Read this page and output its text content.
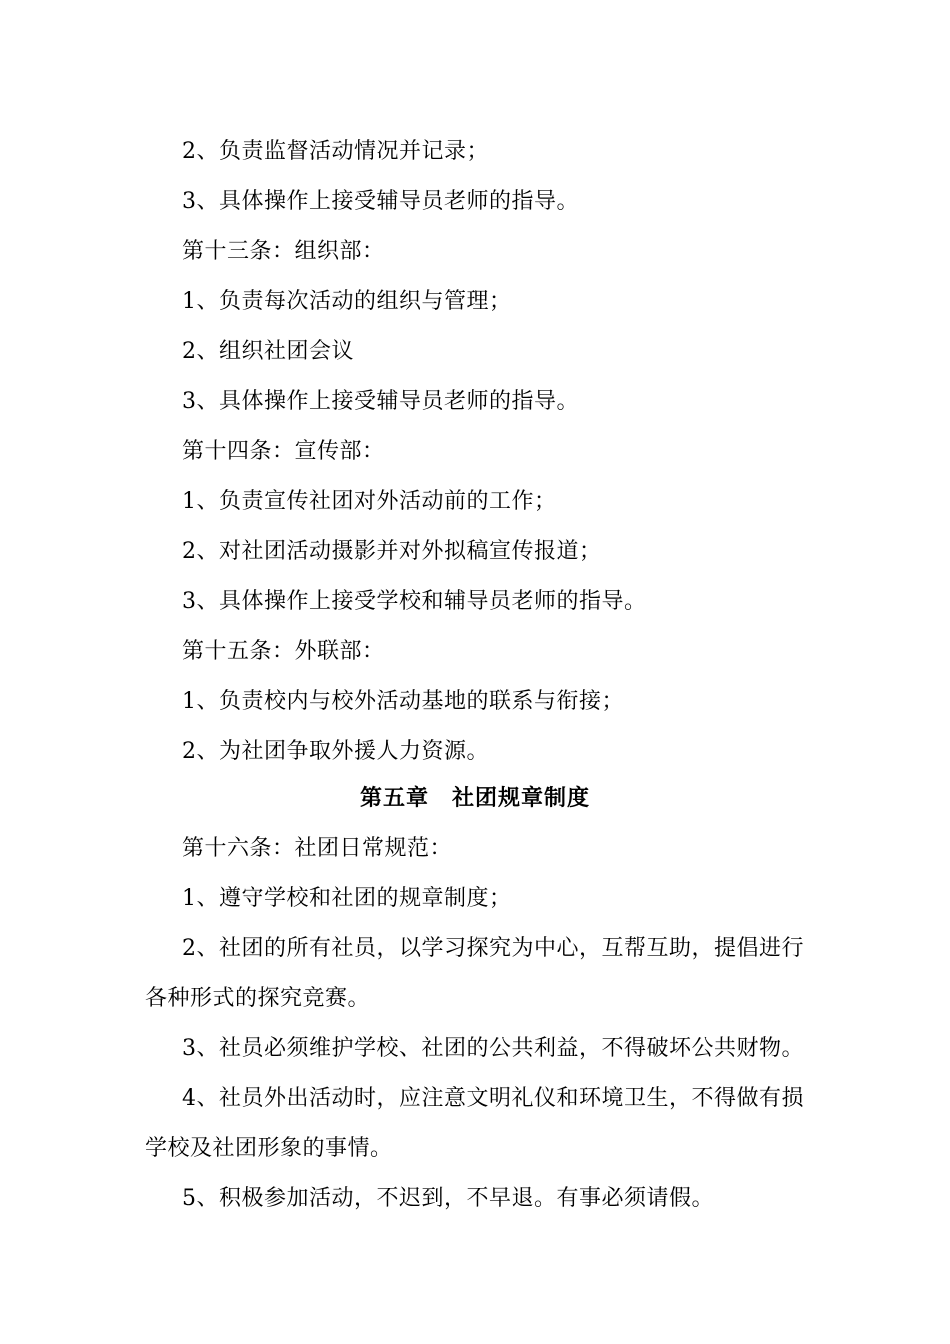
2、负责监督活动情况并记录；

3、具体操作上接受辅导员老师的指导。

第十三条：组织部：

1、负责每次活动的组织与管理；

2、组织社团会议

3、具体操作上接受辅导员老师的指导。

第十四条：宣传部：

1、负责宣传社团对外活动前的工作；

2、对社团活动摄影并对外拟稿宣传报道；

3、具体操作上接受学校和辅导员老师的指导。

第十五条：外联部：

1、负责校内与校外活动基地的联系与衔接；

2、为社团争取外援人力资源。

第五章　社团规章制度

第十六条：社团日常规范：

1、遵守学校和社团的规章制度；

2、社团的所有社员，以学习探究为中心，互帮互助，提倡进行各种形式的探究竞赛。

3、社员必须维护学校、社团的公共利益，不得破坏公共财物。

4、社员外出活动时，应注意文明礼仪和环境卫生，不得做有损学校及社团形象的事情。

5、积极参加活动，不迟到，不早退。有事必须请假。
